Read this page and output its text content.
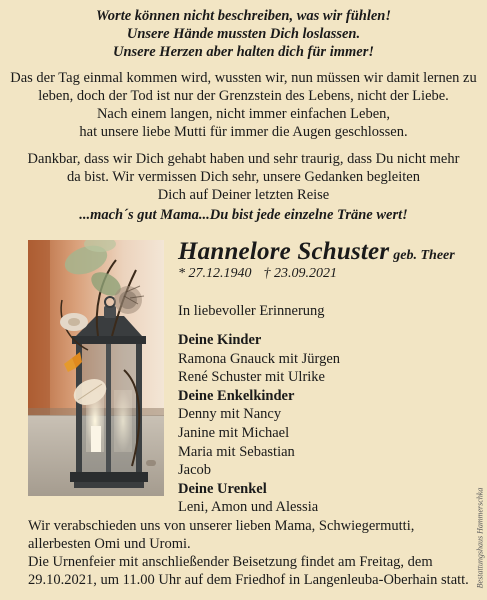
Worte können nicht beschreiben, was wir fühlen!
Unsere Hände mussten Dich loslassen.
Unsere Herzen aber halten dich für immer!
Das der Tag einmal kommen wird, wussten wir, nun müssen wir damit lernen zu
leben, doch der Tod ist nur der Grenzstein des Lebens, nicht der Liebe.
Nach einem langen, nicht immer einfachen Leben,
hat unsere liebe Mutti für immer die Augen geschlossen.
Dankbar, dass wir Dich gehabt haben und sehr traurig, dass Du nicht mehr
da bist. Wir vermissen Dich sehr, unsere Gedanken begleiten
Dich auf Deiner letzten Reise
...mach´s gut Mama...Du bist jede einzelne Träne wert!
Hannelore Schuster geb. Theer
* 27.12.1940 † 23.09.2021
In liebevoller Erinnerung
Deine Kinder
Ramona Gnauck mit Jürgen
René Schuster mit Ulrike
Deine Enkelkinder
Denny mit Nancy
Janine mit Michael
Maria mit Sebastian
Jacob
Deine Urenkel
Leni, Amon und Alessia
Wir verabschieden uns von unserer lieben Mama, Schwiegermutti,
allerbesten Omi und Uromi.
Die Urnenfeier mit anschließender Beisetzung findet am Freitag, dem
29.10.2021, um 11.00 Uhr auf dem Friedhof in Langenleuba-Oberhain statt. Bestattungshaus Hammerschka
